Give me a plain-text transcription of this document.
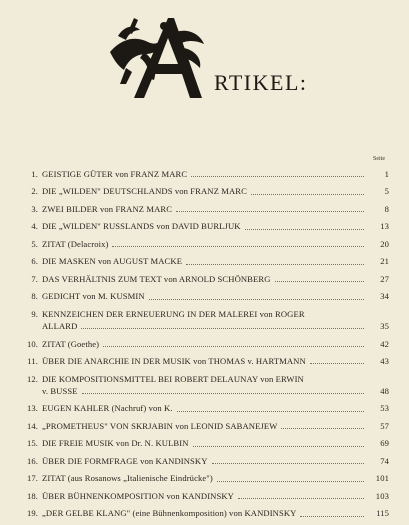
RTIKEL:
Seite
1. GEISTIGE GÜTER von FRANZ MARC	1
2. DIE „WILDEN" DEUTSCHLANDS von FRANZ MARC	5
3. ZWEI BILDER von FRANZ MARC	8
4. DIE „WILDEN" RUSSLANDS von DAVID BURLJUK	13
5. ZITAT (Delacroix)	20
6. DIE MASKEN von AUGUST MACKE	21
7. DAS VERHÄLTNIS ZUM TEXT von ARNOLD SCHÖNBERG	27
8. GEDICHT von M. KUSMIN	34
9. KENNZEICHEN DER ERNEUERUNG IN DER MALEREI von ROGER
ALLARD	35
10. ZITAT (Goethe)	42
11. ÜBER DIE ANARCHIE IN DER MUSIK von THOMAS v. HARTMANN	43
12. DIE KOMPOSITIONSMITTEL BEI ROBERT DELAUNAY von ERWIN
v. BUSSE	48
13. EUGEN KAHLER (Nachruf) von K.	53
14. „PROMETHEUS" VON SKRJABIN von LEONID SABANEJEW	57
15. DIE FREIE MUSIK von Dr. N. KULBIN	69
16. ÜBER DIE FORMFRAGE von KANDINSKY	74
17. ZITAT (aus Rosanows „Italienische Eindrücke")	101
18. ÜBER BÜHNENKOMPOSITION von KANDINSKY	103
19. „DER GELBE KLANG" (eine Bühnenkomposition) von KANDINSKY	115
